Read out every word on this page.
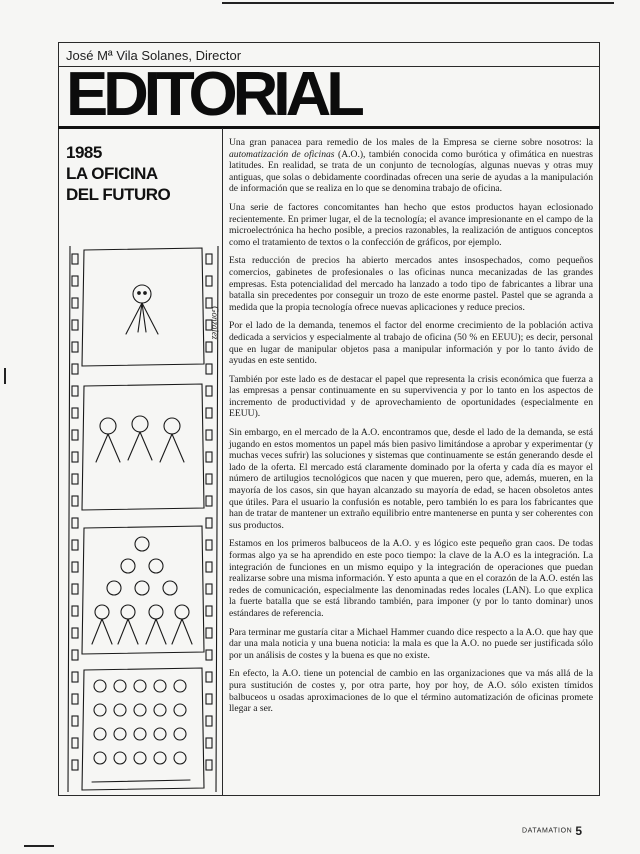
José Mª Vila Solanes, Director
EDITORIAL
1985
LA OFICINA
DEL FUTURO
Gonzalez

Una gran panacea para remedio de los males de la Empresa se cierne sobre nosotros: la automatización de oficinas (A.O.), también conocida como burótica y ofimática en nuestras latitudes. En realidad, se trata de un conjunto de tecnologías, algunas nuevas y otras muy antiguas, que solas o debidamente coordinadas ofrecen una serie de ayudas a la manipulación de información que se realiza en lo que se denomina trabajo de oficina.

Una serie de factores concomitantes han hecho que estos productos hayan eclosionado recientemente. En primer lugar, el de la tecnología; el avance impresionante en el campo de la microelectrónica ha hecho posible, a precios razonables, la realización de antiguos conceptos como el tratamiento de textos o la confección de gráficos, por ejemplo.

Esta reducción de precios ha abierto mercados antes insospechados, como pequeños comercios, gabinetes de profesionales o las oficinas nunca mecanizadas de las grandes empresas. Esta potencialidad del mercado ha lanzado a todo tipo de fabricantes a librar una batalla sin precedentes por conseguir un trozo de este enorme pastel. Pastel que se agranda a medida que la propia tecnología ofrece nuevas aplicaciones y reduce precios.

Por el lado de la demanda, tenemos el factor del enorme crecimiento de la población activa dedicada a servicios y especialmente al trabajo de oficina (50 % en EEUU); es decir, personal que en lugar de manipular objetos pasa a manipular información y por lo tanto ávido de ayudas en este sentido.

También por este lado es de destacar el papel que representa la crisis económica que fuerza a las empresas a pensar continuamente en su supervivencia y por lo tanto en los aspectos de incremento de productividad y de aprovechamiento de oportunidades (especialmente en EEUU).

Sin embargo, en el mercado de la A.O. encontramos que, desde el lado de la demanda, se está jugando en estos momentos un papel más bien pasivo limitándose a aprobar y experimentar (y muchas veces sufrir) las soluciones y sistemas que continuamente se están generando desde el lado de la oferta. El mercado está claramente dominado por la oferta y cada día es mayor el número de artilugios tecnológicos que nacen y que mueren, pero que, además, mueren, en la mayoría de los casos, sin que hayan alcanzado su mayoría de edad, se hacen obsoletos antes que útiles. Para el usuario la confusión es notable, pero también lo es para los fabricantes que han de tratar de mantener un extraño equilibrio entre mantenerse en punta y ser coherentes con sus productos.

Estamos en los primeros balbuceos de la A.O. y es lógico este pequeño gran caos. De todas formas algo ya se ha aprendido en este poco tiempo: la clave de la A.O es la integración. La integración de funciones en un mismo equipo y la integración de operaciones que puedan realizarse sobre una misma información. Y esto apunta a que en el corazón de la A.O. estén las redes de comunicación, especialmente las denominadas redes locales (LAN). Lo que explica la fuerte batalla que se está librando también, para imponer (y por lo tanto dominar) unos estándares de referencia.

Para terminar me gustaría citar a Michael Hammer cuando dice respecto a la A.O. que hay que dar una mala noticia y una buena noticia: la mala es que la A.O. no puede ser justificada sólo por un análisis de costes y la buena es que no existe.

En efecto, la A.O. tiene un potencial de cambio en las organizaciones que va más allá de la pura sustitución de costes y, por otra parte, hoy por hoy, de A.O. sólo existen tímidos balbuceos u osadas aproximaciones de lo que el término automatización de oficinas promete llegar a ser.

DATAMATION 5
